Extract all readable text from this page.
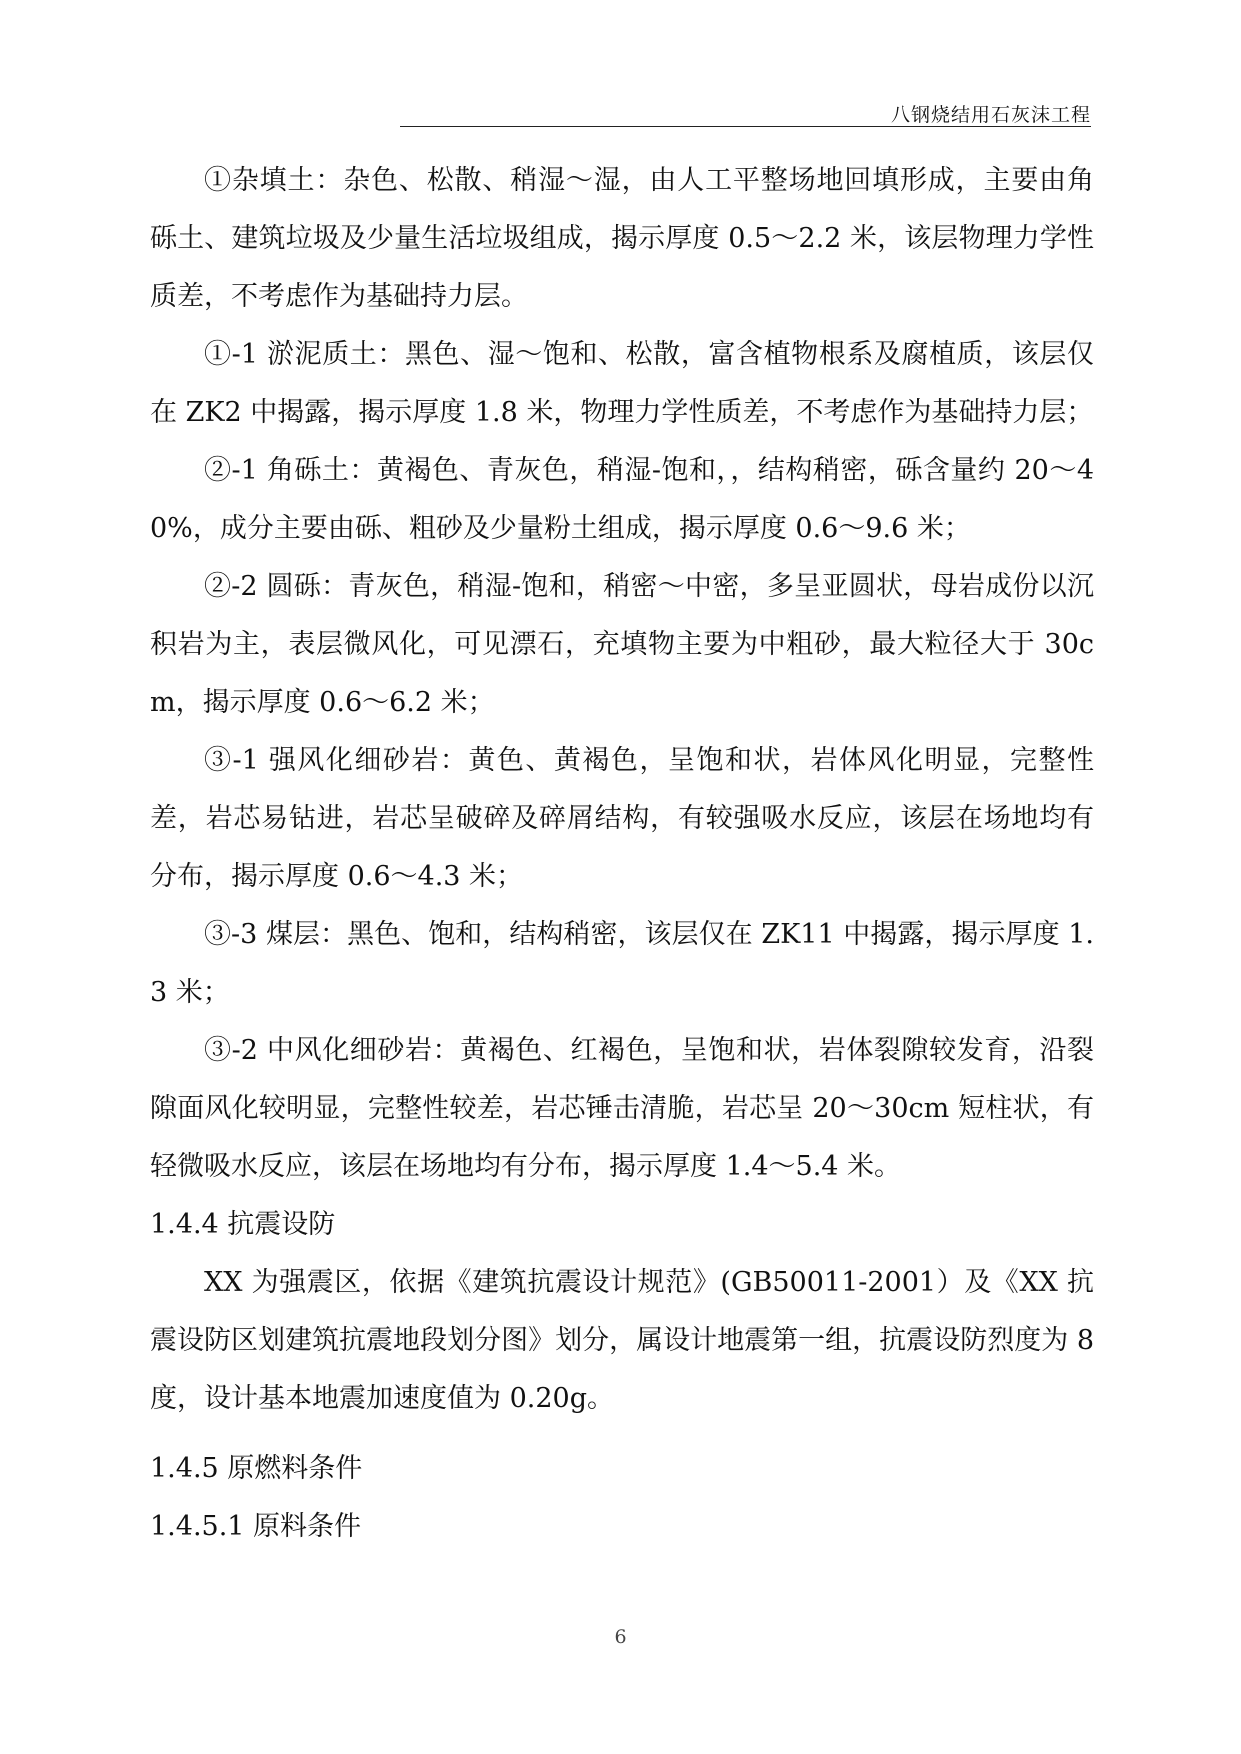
八钢烧结用石灰沫工程

①杂填土：杂色、松散、稍湿～湿，由人工平整场地回填形成，主要由角砾土、建筑垃圾及少量生活垃圾组成，揭示厚度 0.5～2.2 米，该层物理力学性质差，不考虑作为基础持力层。

①-1 淤泥质土：黑色、湿～饱和、松散，富含植物根系及腐植质，该层仅在 ZK2 中揭露，揭示厚度 1.8 米，物理力学性质差，不考虑作为基础持力层；

②-1 角砾土：黄褐色、青灰色，稍湿-饱和，，结构稍密，砾含量约 20～40%，成分主要由砾、粗砂及少量粉土组成，揭示厚度 0.6～9.6 米；

②-2 圆砾：青灰色，稍湿-饱和，稍密～中密，多呈亚圆状，母岩成份以沉积岩为主，表层微风化，可见漂石，充填物主要为中粗砂，最大粒径大于 30cm，揭示厚度 0.6～6.2 米；

③-1 强风化细砂岩：黄色、黄褐色，呈饱和状，岩体风化明显，完整性差，岩芯易钻进，岩芯呈破碎及碎屑结构，有较强吸水反应，该层在场地均有分布，揭示厚度 0.6～4.3 米；

③-3 煤层：黑色、饱和，结构稍密，该层仅在 ZK11 中揭露，揭示厚度 1.3 米；

③-2 中风化细砂岩：黄褐色、红褐色，呈饱和状，岩体裂隙较发育，沿裂隙面风化较明显，完整性较差，岩芯锤击清脆，岩芯呈 20～30cm 短柱状，有轻微吸水反应，该层在场地均有分布，揭示厚度 1.4～5.4 米。

1.4.4 抗震设防

XX 为强震区，依据《建筑抗震设计规范》(GB50011-2001）及《XX 抗震设防区划建筑抗震地段划分图》划分，属设计地震第一组，抗震设防烈度为 8 度，设计基本地震加速度值为 0.20g。

1.4.5 原燃料条件

1.4.5.1 原料条件

6
